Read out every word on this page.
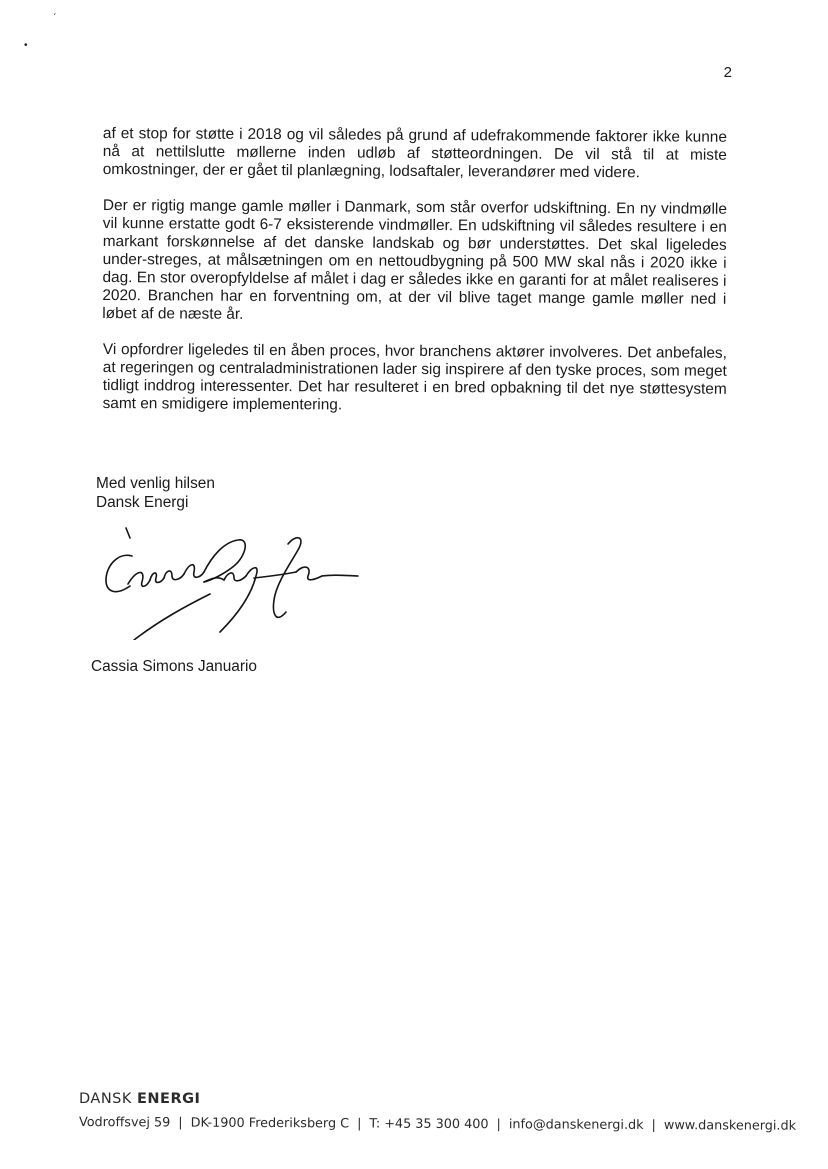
ˊ
•
2

af et stop for støtte i 2018 og vil således på grund af udefrakommende faktorer ikke kunne nå at nettilslutte møllerne inden udløb af støtteordningen. De vil stå til at miste omkostninger, der er gået til planlægning, lodsaftaler, leverandører med videre.

Der er rigtig mange gamle møller i Danmark, som står overfor udskiftning. En ny vindmølle vil kunne erstatte godt 6-7 eksisterende vindmøller. En udskiftning vil således resultere i en markant forskønnelse af det danske landskab og bør understøttes. Det skal ligeledes under-streges, at målsætningen om en nettoudbygning på 500 MW skal nås i 2020 ikke i dag. En stor overopfyldelse af målet i dag er således ikke en garanti for at målet realiseres i 2020. Branchen har en forventning om, at der vil blive taget mange gamle møller ned i løbet af de næste år.

Vi opfordrer ligeledes til en åben proces, hvor branchens aktører involveres. Det anbefales, at regeringen og centraladministrationen lader sig inspirere af den tyske proces, som meget tidligt inddrog interessenter. Det har resulteret i en bred opbakning til det nye støttesystem samt en smidigere implementering.

Med venlig hilsen
Dansk Energi
Cassia Simons Januario
DANSK ENERGI
Vodroffsvej 59 | DK-1900 Frederiksberg C | T: +45 35 300 400 | info@danskenergi.dk | www.danskenergi.dk
